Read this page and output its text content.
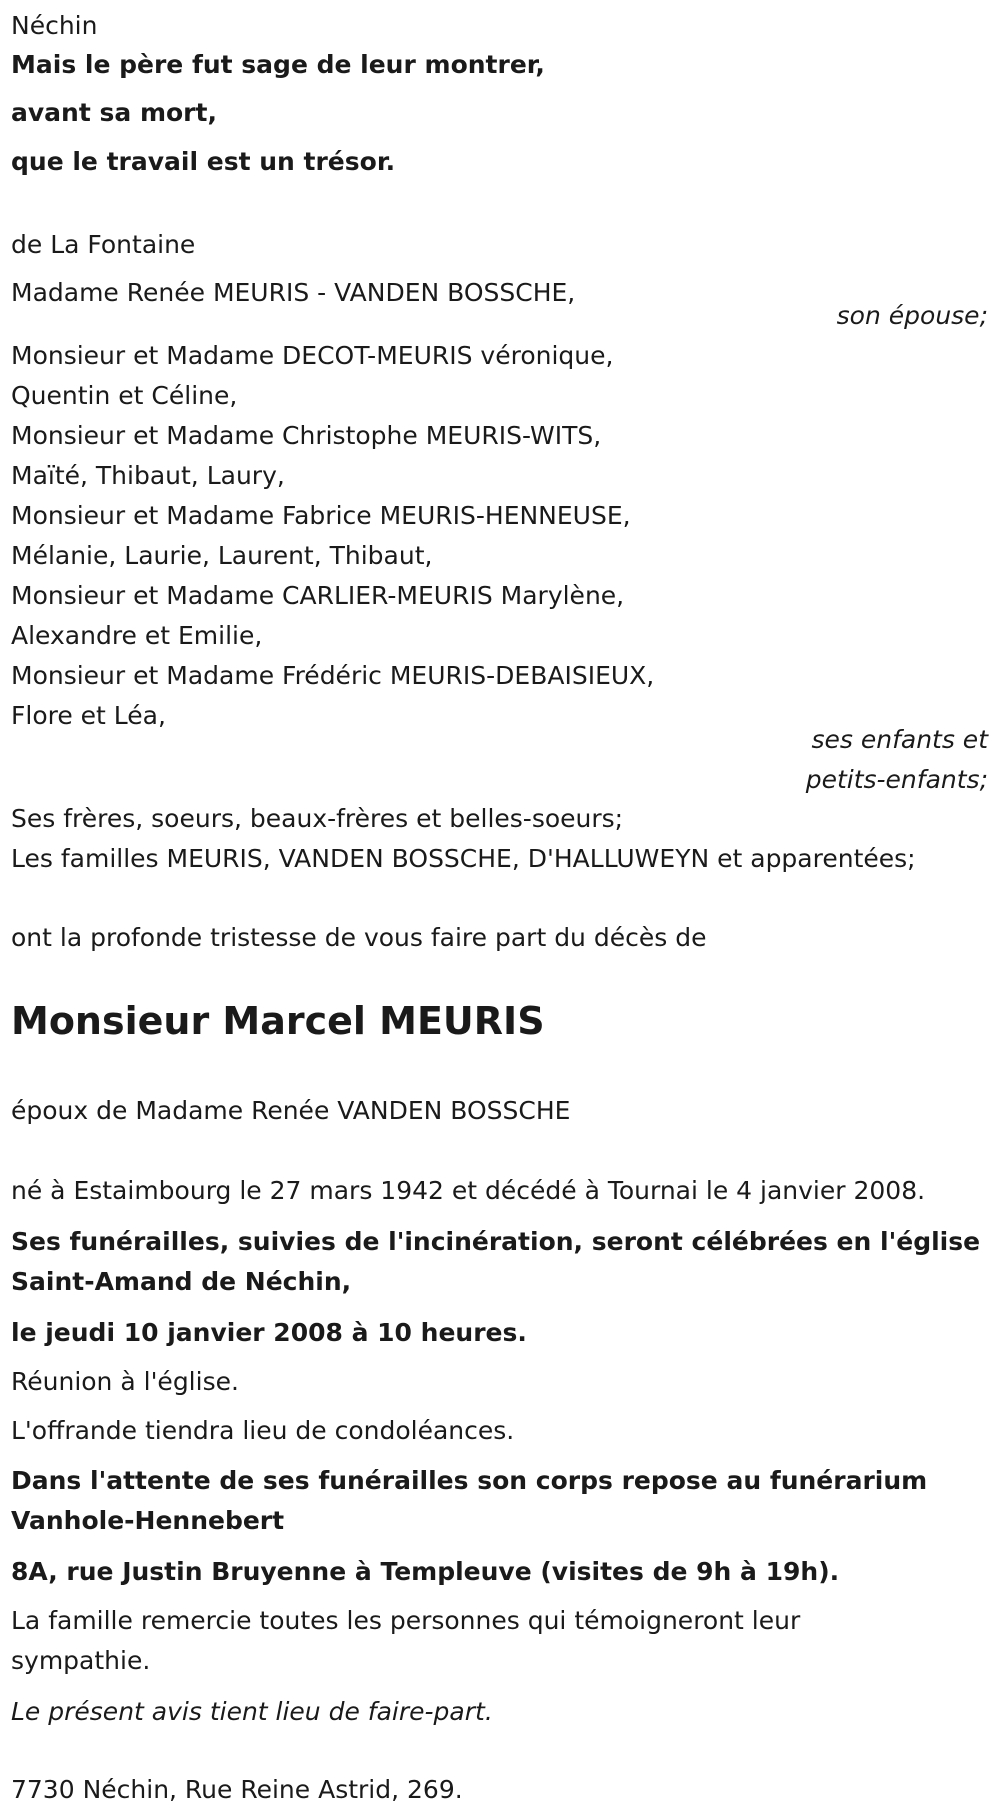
Néchin
Mais le père fut sage de leur montrer,
avant sa mort,
que le travail est un trésor.
de La Fontaine
Madame Renée MEURIS - VANDEN BOSSCHE,
son épouse;
Monsieur et Madame DECOT-MEURIS véronique,
Quentin et Céline,
Monsieur et Madame Christophe MEURIS-WITS,
Maïté, Thibaut, Laury,
Monsieur et Madame Fabrice MEURIS-HENNEUSE,
Mélanie, Laurie, Laurent, Thibaut,
Monsieur et Madame CARLIER-MEURIS Marylène,
Alexandre et Emilie,
Monsieur et Madame Frédéric MEURIS-DEBAISIEUX,
Flore et Léa,
ses enfants et
petits-enfants;
Ses frères, soeurs, beaux-frères et belles-soeurs;
Les familles MEURIS, VANDEN BOSSCHE, D'HALLUWEYN et apparentées;
ont la profonde tristesse de vous faire part du décès de
Monsieur Marcel MEURIS
époux de Madame Renée VANDEN BOSSCHE
né à Estaimbourg le 27 mars 1942 et décédé à Tournai le 4 janvier 2008.
Ses funérailles, suivies de l'incinération, seront célébrées en l'église Saint-Amand de Néchin,
le jeudi 10 janvier 2008 à 10 heures.
Réunion à l'église.
L'offrande tiendra lieu de condoléances.
Dans l'attente de ses funérailles son corps repose au funérarium Vanhole-Hennebert
8A, rue Justin Bruyenne à Templeuve (visites de 9h à 19h).
La famille remercie toutes les personnes qui témoigneront leur sympathie.
Le présent avis tient lieu de faire-part.
7730 Néchin, Rue Reine Astrid, 269.
